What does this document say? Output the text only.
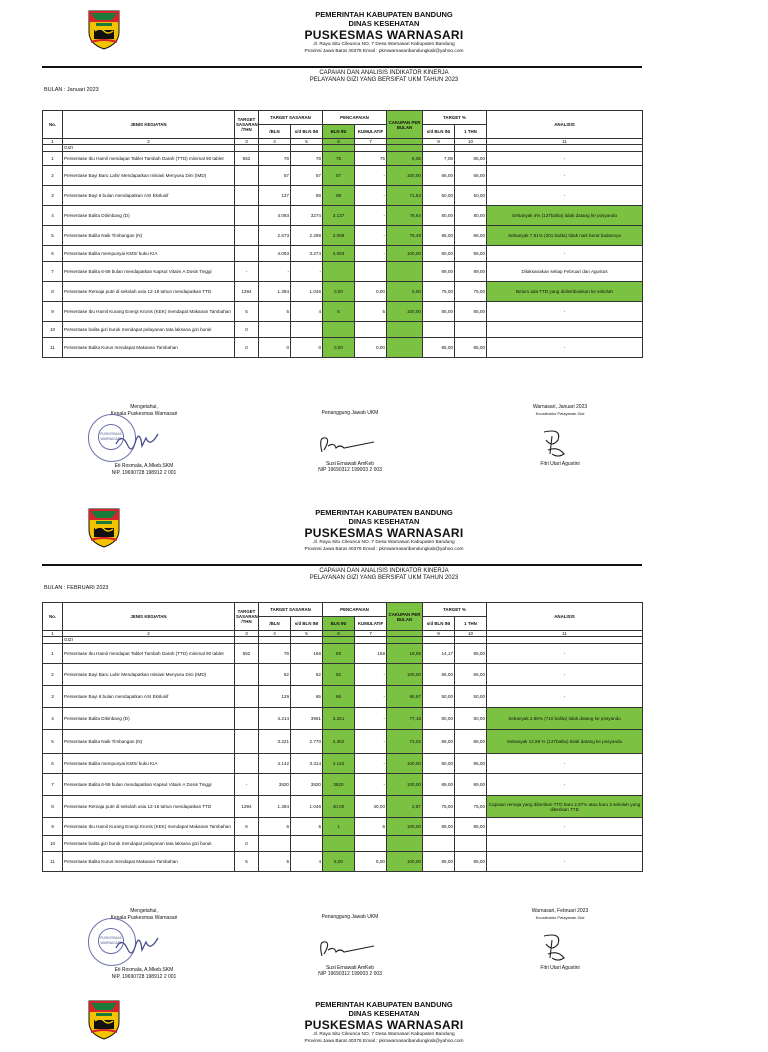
PEMERINTAH KABUPATEN BANDUNG
DINAS KESEHATAN
PUSKESMAS WARNASARI
Jl. Raya Situ Cileunca NO. 7 Desa Warnasari Kabupaten Bandung
Provinsi Jawa Barat 40376 Email : pkmwarnasaribandungkab@yahoo.com
CAPAIAN DAN ANALISIS INDIKATOR KINERJA
PELAYANAN GIZI YANG BERSIFAT UKM TAHUN 2023
BULAN : Januari 2023
No.	JENIS KEGIATAN	TARGET SASARAN /THN	TARGET SASARAN		PENCAPAIAN		CAKUPAN PER BULAN	TARGET %		ANALISIS
			/BLN	s/d BLN INI	BLN INI	KUMULATIF		s/d BLN INI	1 THN	
1	2	3	4	5	6	7		9	10	11
	GIZI									
1	Persentase Ibu Hamil mendapat Tablet Tambah Darah (TTD) minimal 90 tablet	552	78	78	75	75	8,05	7,08	85,00	-
2	Persentase Bayi Baru Lahir Mendapatkan Inisiasi Menyusu Dini (IMD)		57	57	57	-	100,00	66,00	66,00	-
3	Persentase Bayi 6 bulan mendapatkan ASI Ekslusif		137	69	98	-	71,53	50,00	50,00	-
4	Persentase Balita Ditimbang (D)		4.093	3274	3.137	-	76,64	80,00	80,00	Sebanyak 4% (137balita) tidak datang ke posyandu
5	Persentase Balita Naik Timbangan (N)		2.673	2.299	2.098	-	78,49	86,00	86,00	Sebanyak 7,51% (201 balita) tidak naik berat badannya
6	Persentase Balita mempunyai KMS/ buku KIA		4.093	3.274	4.093	-	100,00	80,00	95,00	-
7	Persentase Balita 6-59 bulan mendapatkan Kapsul Vitaim A Dosis Tinggi	-	-	-				89,00	89,00	Dilaksanakan setiap Februari dan Agustus
8	Persentase Remaja putri di sekolah usia 12-18 tahun mendapatkan TTD	1394	1.394	1.046	0,00	0,00	0,00	75,00	75,00	Belum ada TTD yang didistribusikan ke sekolah
9	Persentase Ibu Hamil Kurang Energi Kronis (KEK) mendapat Makanan Tambahan	5	5	4	5	5	100,00	85,00	85,00	-
10	Persentase balita gizi buruk mendapat pelayanan tata laksana gizi buruk	0								
11	Persentase Balita Kurus mendapat Makanan Tambahan	0	0	0	0,00	0,00		85,00	85,00	-
Mengetahui,
Kepala Puskesmas Warnasari
Eti Rosmala, A.Mkeb.SKM
NIP. 19690728 198912 2 001
PUSKESMAS
WARNASARI
Penanggung Jawab UKM
Susi Ernawati AmKeb
NIP 19690312 199003 2 003
Warnasari, Januari 2023
Koordinator Pelayanan Gizi
Fitri Utari Agustini
PEMERINTAH KABUPATEN BANDUNG
DINAS KESEHATAN
PUSKESMAS WARNASARI
Jl. Raya Situ Cileunca NO. 7 Desa Warnasari Kabupaten Bandung
Provinsi Jawa Barat 40376 Email : pkmwarnasaribandungkab@yahoo.com
CAPAIAN DAN ANALISIS INDIKATOR KINERJA
PELAYANAN GIZI YANG BERSIFAT UKM TAHUN 2023
BULAN : FEBRUARI 2023
No.	JENIS KEGIATAN	TARGET SASARAN /THN	TARGET SASARAN		PENCAPAIAN		CAKUPAN PER BULAN	TARGET %		ANALISIS
			/BLN	s/d BLN INI	BLN INI	KUMULATIF		s/d BLN INI	1 THN	
1	2	3	4	5	6	7		9	10	11
	GIZI									
1	Persentase Ibu Hamil mendapat Tablet Tambah Darah (TTD) minimal 90 tablet	552	78	156	83	158	16,95	14,17	85,00	-
2	Persentase Bayi Baru Lahir Mendapatkan Inisiasi Menyusu Dini (IMD)		52	52	52	-	100,00	66,00	66,00	-
3	Persentase Bayi 6 bulan mendapatkan ASI Ekslusif		129	65	86	-	66,67	50,00	50,00	-
4	Persentase Balita Ditimbang (D)		4.214	3961	3.251	-	77,15	80,00	80,00	Sebanyak 2,85% (710 balita) tidak datang ke posyandu
5	Persentase Balita Naik Timbangan (N)		3.221	2.770	2.352	-	73,02	86,00	86,00	Sebanyak 12,98 % (137balita) tidak datang ke posyandu
6	Persentase Balita mempunyai KMS/ buku KIA		4.142	3.314	4.142	-	100,00	80,00	95,00	-
7	Persentase Balita 6-59 bulan mendapatkan Kapsul Vitaim A Dosis Tinggi	-	3820	3820	3820	-	100,00	89,00	89,00	-
8	Persentase Remaja putri di sekolah usia 12-18 tahun mendapatkan TTD	1394	1.394	1.046	40,00	40,00	2,87	75,00	75,00	Capaian remaja yang diberikan TTD baru 2,87% atau baru 3 sekolah yang diberikan TTD
9	Persentase Ibu Hamil Kurang Energi Kronis (KEK) mendapat Makanan Tambahan	6	6	5	1	6	100,00	85,00	85,00	-
10	Persentase balita gizi buruk mendapat pelayanan tata laksana gizi buruk	0								
11	Persentase Balita Kurus mendapat Makanan Tambahan	5	5	4	5,00	5,00	100,00	85,00	85,00	-
Mengetahui,
Kepala Puskesmas Warnasari
Eti Rosmala, A.Mkeb.SKM
NIP. 19690728 198912 2 001
PUSKESMAS
WARNASARI
Penanggung Jawab UKM
Susi Ernawati AmKeb
NIP 19690312 199003 2 003
Warnasari, Februari 2023
Koordinator Pelayanan Gizi
Fitri Utari Agustini
PEMERINTAH KABUPATEN BANDUNG
DINAS KESEHATAN
PUSKESMAS WARNASARI
Jl. Raya Situ Cileunca NO. 7 Desa Warnasari Kabupaten Bandung
Provinsi Jawa Barat 40376 Email : pkmwarnasaribandungkab@yahoo.com
